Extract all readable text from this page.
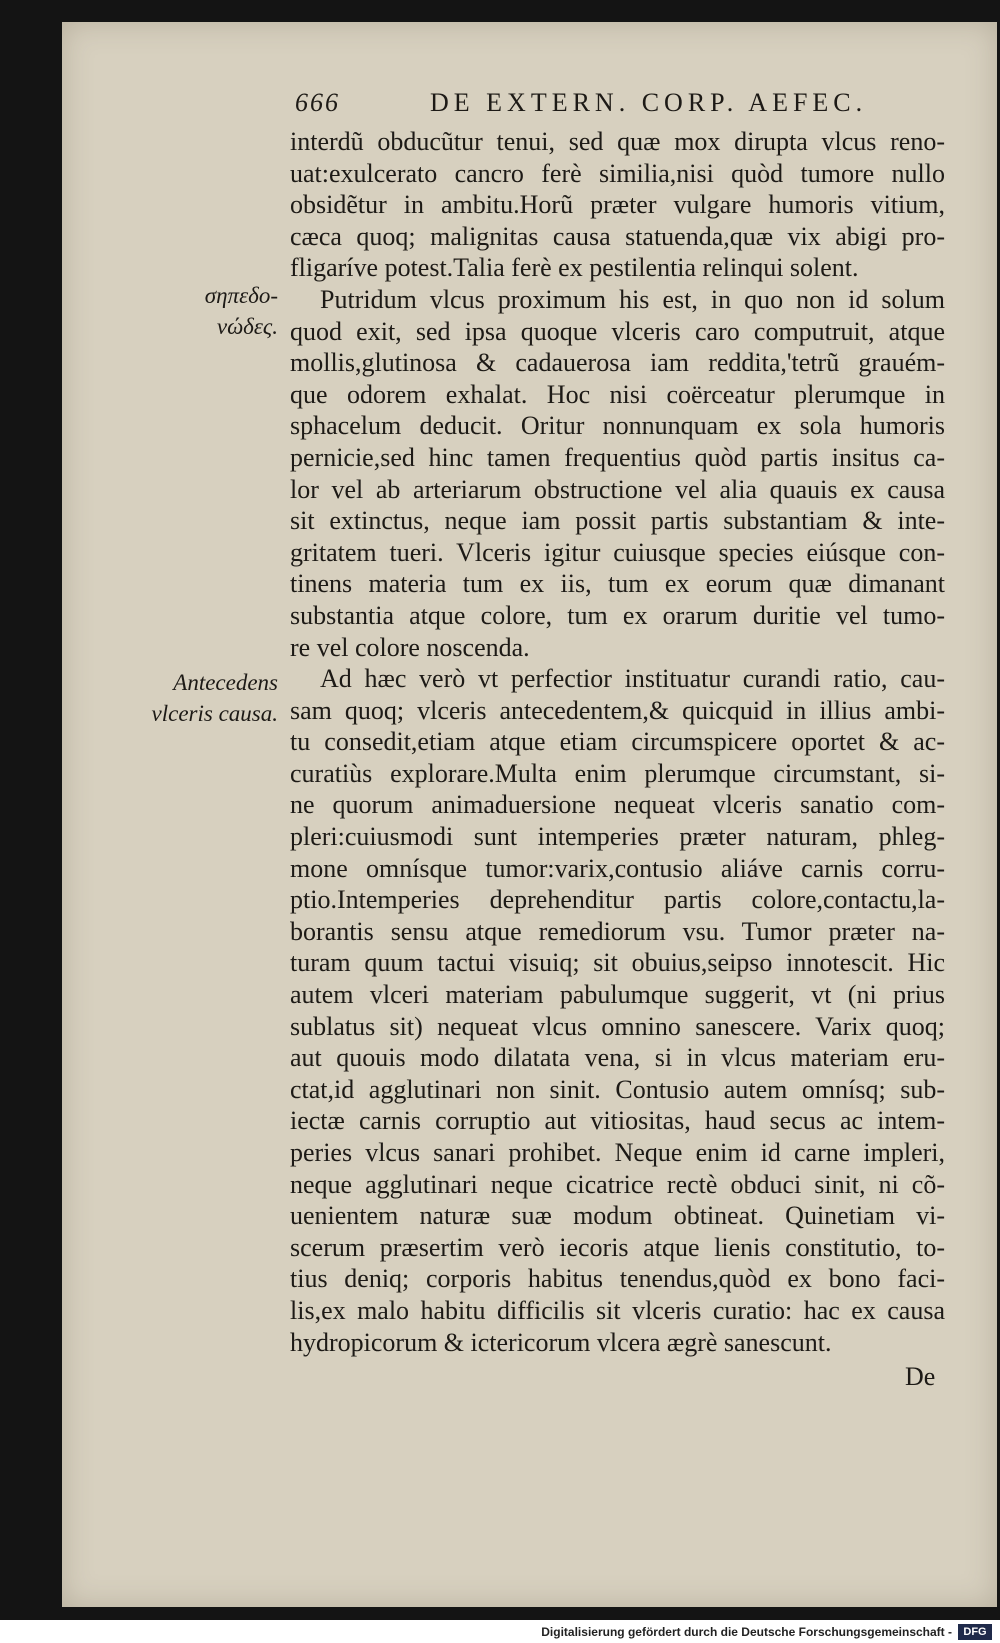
666	DE EXTERN. CORP. AEFEC.
σηπεδο-
νώδες.
Antecedens
vlceris causa.
interdũ obducũtur tenui, sed quæ mox dirupta vlcus reno-
uat:exulcerato cancro ferè similia,nisi quòd tumore nullo
obsidẽtur in ambitu.Horũ præter vulgare humoris vitium,
cæca quoq; malignitas causa statuenda,quæ vix abigi pro-
fligaríve potest.Talia ferè ex pestilentia relinqui solent.
Putridum vlcus proximum his est, in quo non id solum
quod exit, sed ipsa quoque vlceris caro computruit, atque
mollis,glutinosa & cadauerosa iam reddita,'tetrũ grauém-
que odorem exhalat. Hoc nisi coërceatur plerumque in
sphacelum deducit. Oritur nonnunquam ex sola humoris
pernicie,sed hinc tamen frequentius quòd partis insitus ca-
lor vel ab arteriarum obstructione vel alia quauis ex causa
sit extinctus, neque iam possit partis substantiam & inte-
gritatem tueri. Vlceris igitur cuiusque species eiúsque con-
tinens materia tum ex iis, tum ex eorum quæ dimanant
substantia atque colore, tum ex orarum duritie vel tumo-
re vel colore noscenda.
Ad hæc verò vt perfectior instituatur curandi ratio, cau-
sam quoq; vlceris antecedentem,& quicquid in illius ambi-
tu consedit,etiam atque etiam circumspicere oportet & ac-
curatiùs explorare.Multa enim plerumque circumstant, si-
ne quorum animaduersione nequeat vlceris sanatio com-
pleri:cuiusmodi sunt intemperies præter naturam, phleg-
mone omnísque tumor:varix,contusio aliáve carnis corru-
ptio.Intemperies deprehenditur partis colore,contactu,la-
borantis sensu atque remediorum vsu. Tumor præter na-
turam quum tactui visuiq; sit obuius,seipso innotescit. Hic
autem vlceri materiam pabulumque suggerit, vt (ni prius
sublatus sit) nequeat vlcus omnino sanescere. Varix quoq;
aut quouis modo dilatata vena, si in vlcus materiam eru-
ctat,id agglutinari non sinit. Contusio autem omnísq; sub-
iectæ carnis corruptio aut vitiositas, haud secus ac intem-
peries vlcus sanari prohibet. Neque enim id carne impleri,
neque agglutinari neque cicatrice rectè obduci sinit, ni cõ-
uenientem naturæ suæ modum obtineat. Quinetiam vi-
scerum præsertim verò iecoris atque lienis constitutio, to-
tius deniq; corporis habitus tenendus,quòd ex bono faci-
lis,ex malo habitu difficilis sit vlceris curatio: hac ex causa
hydropicorum & ictericorum vlcera ægrè sanescunt.
De
Digitalisierung gefördert durch die Deutsche Forschungsgemeinschaft -	DFG
